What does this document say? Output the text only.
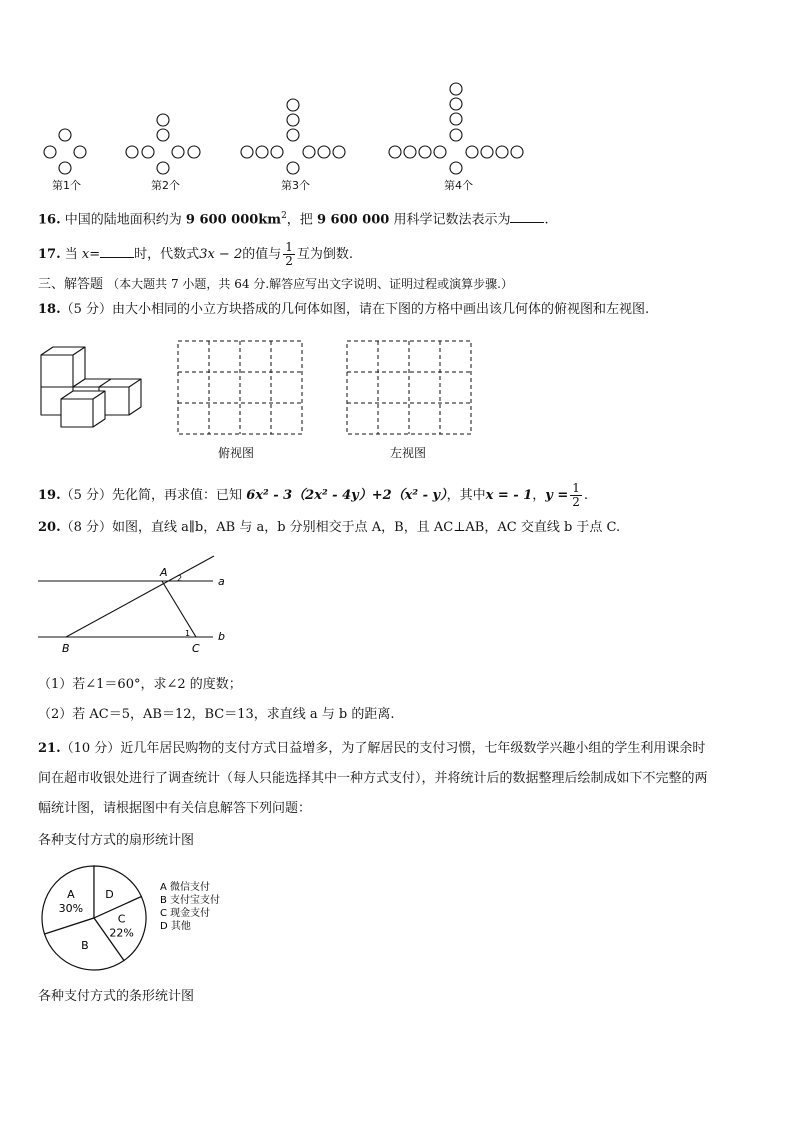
第1个	第2个	第3个	第4个
16. 中国的陆地面积约为 9 600 $000km^2$，把 9 600 000 用科学记数法表示为	.
17. 当 x=	时，代数式3x − 2的值与 $\frac{1}{2}$ 互为倒数.
三、解答题 （本大题共 7 小题，共 64 分.解答应写出文字说明、证明过程或演算步骤.）
18.（5 分）由大小相同的小立方块搭成的几何体如图，请在下图的方格中画出该几何体的俯视图和左视图.
俯视图	左视图
19.（5 分）先化简，再求值：已知 6x² - 3（2x² - 4y）+2（x² - y），其中x = - 1，$y = \frac{1}{2}$ .
20.（8 分）如图，直线 a∥b，AB 与 a，b 分别相交于点 A，B，且 AC⊥AB，AC 交直线 b 于点 C.
A 2	a
b
B	C
1
（1）若∠1＝60°，求∠2 的度数；
（2）若 AC＝5，AB＝12，BC＝13，求直线 a 与 b 的距离.
21.（10 分）近几年居民购物的支付方式日益增多，为了解居民的支付习惯，七年级数学兴趣小组的学生利用课余时
间在超市收银处进行了调查统计（每人只能选择其中一种方式支付），并将统计后的数据整理后绘制成如下不完整的两
幅统计图，请根据图中有关信息解答下列问题：
各种支付方式的扇形统计图
A
30%
D
C
22%
B
A 微信支付
B 支付宝支付
C 现金支付
D 其他
各种支付方式的条形统计图
